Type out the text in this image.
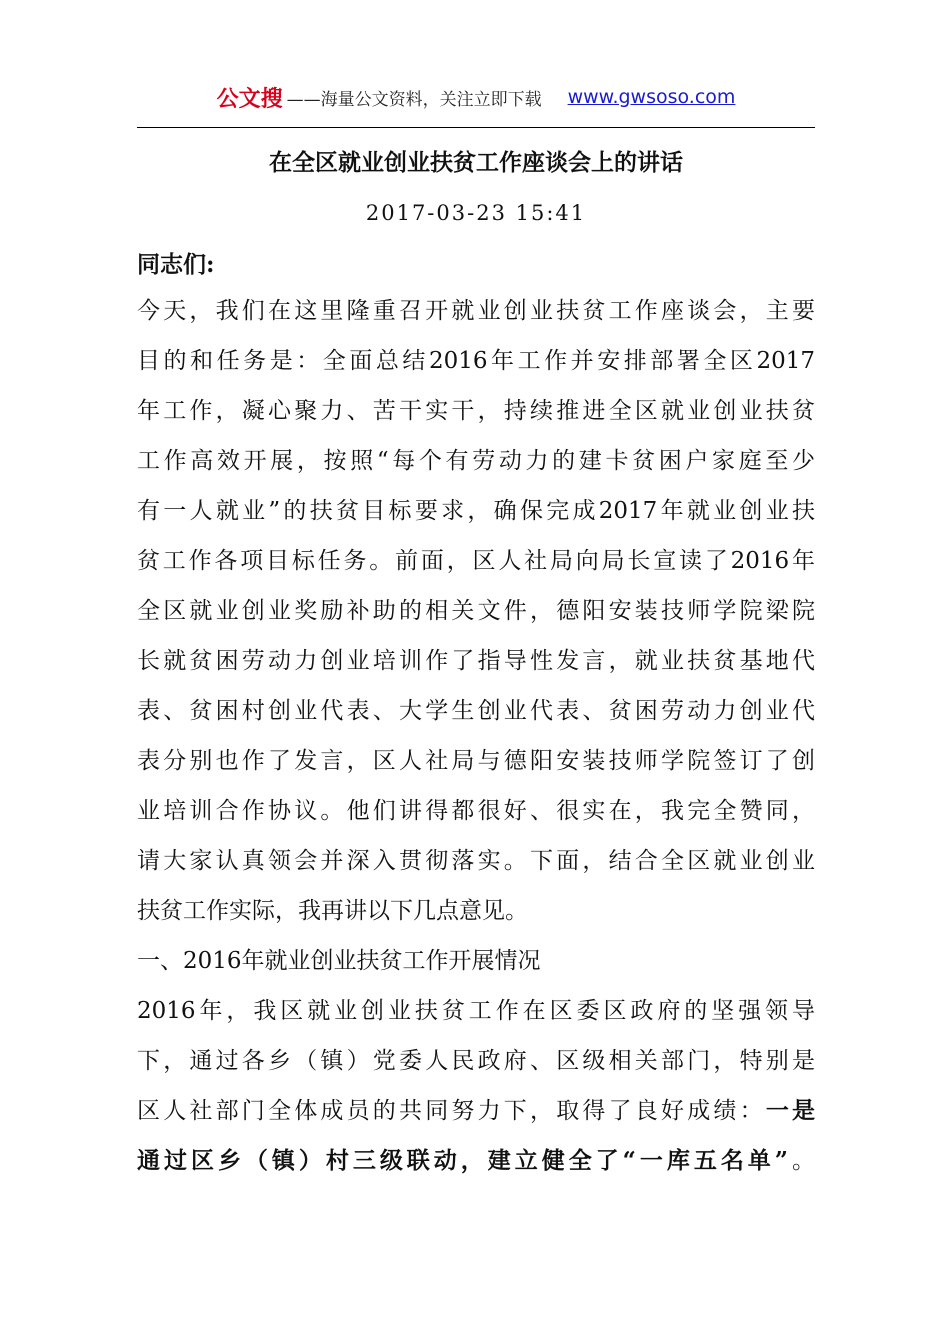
公文搜 ——海量公文资料，关注立即下载 www.gwsoso.com
在全区就业创业扶贫工作座谈会上的讲话
2017-03-23 15:41
同志们:
今天，我们在这里隆重召开就业创业扶贫工作座谈会，主要
目的和任务是：全面总结2016年工作并安排部署全区2017
年工作，凝心聚力、苦干实干，持续推进全区就业创业扶贫
工作高效开展，按照“每个有劳动力的建卡贫困户家庭至少
有一人就业”的扶贫目标要求，确保完成2017年就业创业扶
贫工作各项目标任务。前面，区人社局向局长宣读了2016年
全区就业创业奖励补助的相关文件，德阳安装技师学院梁院
长就贫困劳动力创业培训作了指导性发言，就业扶贫基地代
表、贫困村创业代表、大学生创业代表、贫困劳动力创业代
表分别也作了发言，区人社局与德阳安装技师学院签订了创
业培训合作协议。他们讲得都很好、很实在，我完全赞同，
请大家认真领会并深入贯彻落实。下面，结合全区就业创业
扶贫工作实际，我再讲以下几点意见。
一、2016年就业创业扶贫工作开展情况
2016年，我区就业创业扶贫工作在区委区政府的坚强领导
下，通过各乡（镇）党委人民政府、区级相关部门，特别是
区人社部门全体成员的共同努力下，取得了良好成绩：一是
通过区乡（镇）村三级联动，建立健全了“一库五名单”。
